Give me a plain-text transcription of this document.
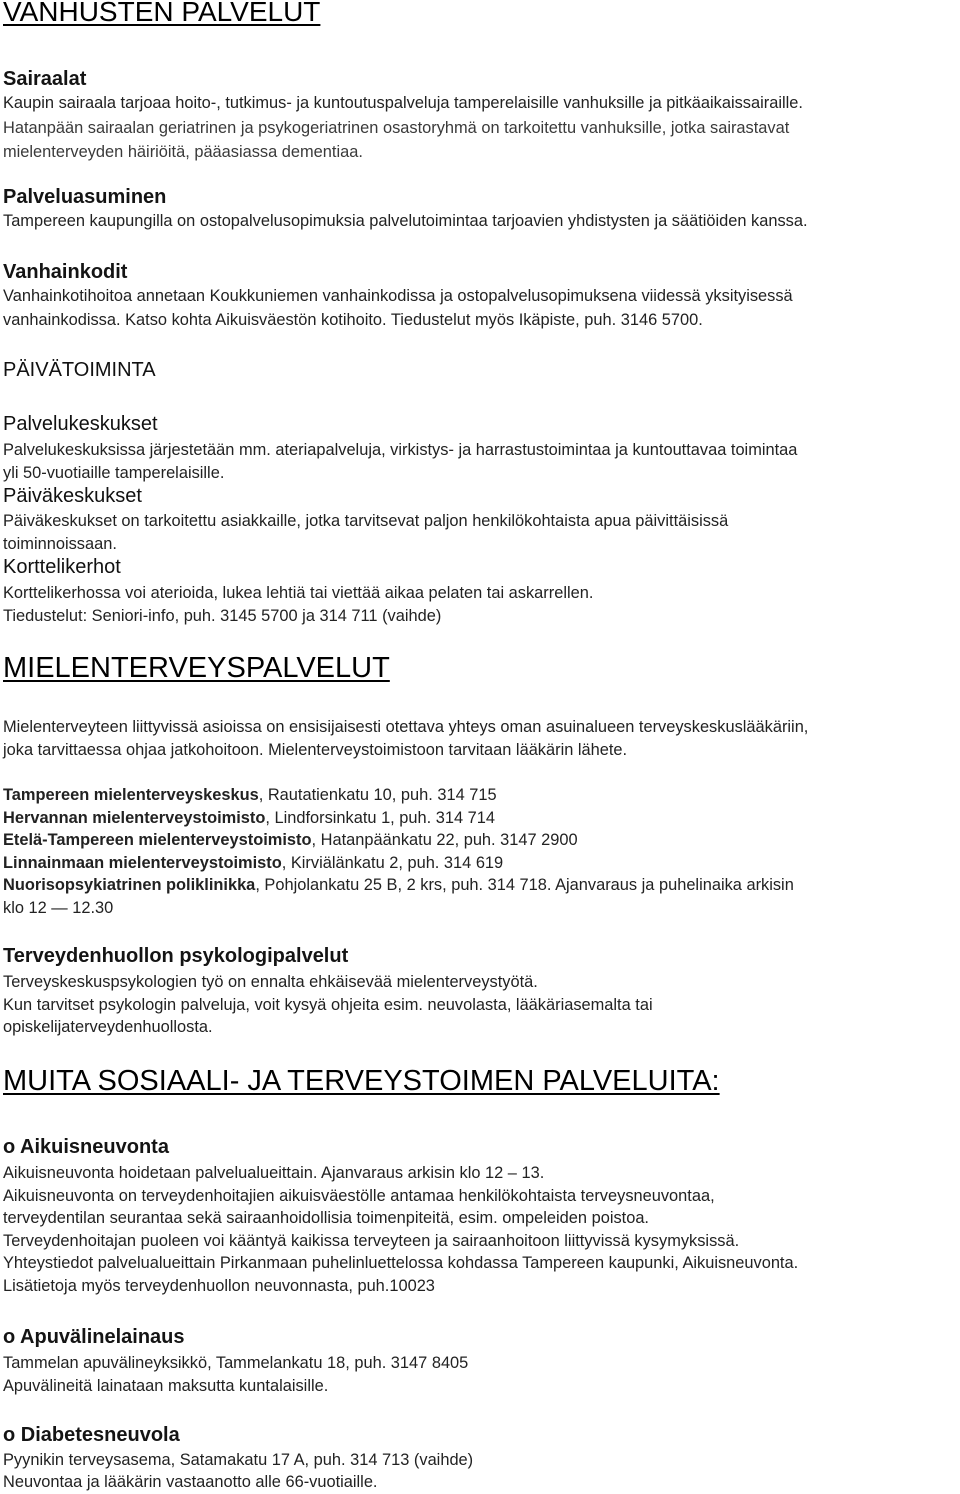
VANHUSTEN PALVELUT
Sairaalat
Kaupin sairaala tarjoaa hoito-, tutkimus- ja kuntoutuspalveluja tamperelaisille vanhuksille ja pitkäaikaissairaille.
Hatanpään sairaalan geriatrinen ja psykogeriatrinen osastoryhmä on tarkoitettu vanhuksille, jotka sairastavat
mielenterveyden häiriöitä, pääasiassa dementiaa.
Palveluasuminen
Tampereen kaupungilla on ostopalvelusopimuksia palvelutoimintaa tarjoavien yhdistysten ja säätiöiden kanssa.
Vanhainkodit
Vanhainkotihoitoa annetaan Koukkuniemen vanhainkodissa ja ostopalvelusopimuksena viidessä yksityisessä
vanhainkodissa. Katso kohta Aikuisväestön kotihoito. Tiedustelut myös Ikäpiste, puh. 3146 5700.
PÄIVÄTOIMINTA
Palvelukeskukset
Palvelukeskuksissa järjestetään mm. ateriapalveluja, virkistys- ja harrastustoimintaa ja kuntouttavaa toimintaa
yli 50-vuotiaille tamperelaisille.
Päiväkeskukset
Päiväkeskukset on tarkoitettu asiakkaille, jotka tarvitsevat paljon henkilökohtaista apua päivittäisissä
toiminnoissaan.
Korttelikerhot
Korttelikerhossa voi aterioida, lukea lehtiä tai viettää aikaa pelaten tai askarrellen.
Tiedustelut: Seniori-info, puh. 3145 5700 ja 314 711 (vaihde)
MIELENTERVEYSPALVELUT
Mielenterveyteen liittyvissä asioissa on ensisijaisesti otettava yhteys oman asuinalueen terveyskeskuslääkäriin,
joka tarvittaessa ohjaa jatkohoitoon. Mielenterveystoimistoon tarvitaan lääkärin lähete.
Tampereen mielenterveyskeskus, Rautatienkatu 10, puh. 314 715
Hervannan mielenterveystoimisto, Lindforsinkatu 1, puh. 314 714
Etelä-Tampereen mielenterveystoimisto, Hatanpäänkatu 22, puh. 3147 2900
Linnainmaan mielenterveystoimisto, Kirviälänkatu 2, puh. 314 619
Nuorisopsykiatrinen poliklinikka, Pohjolankatu 25 B, 2 krs, puh. 314 718. Ajanvaraus ja puhelinaika arkisin
klo 12 — 12.30
Terveydenhuollon psykologipalvelut
Terveyskeskuspsykologien työ on ennalta ehkäisevää mielenterveystyötä.
Kun tarvitset psykologin palveluja, voit kysyä ohjeita esim. neuvolasta, lääkäriasemalta tai
opiskelijaterveydenhuollosta.
MUITA SOSIAALI- JA TERVEYSTOIMEN PALVELUITA:
o Aikuisneuvonta
Aikuisneuvonta hoidetaan palvelualueittain. Ajanvaraus arkisin klo 12 – 13.
Aikuisneuvonta on terveydenhoitajien aikuisväestölle antamaa henkilökohtaista terveysneuvontaa,
terveydentilan seurantaa sekä sairaanhoidollisia toimenpiteitä, esim. ompeleiden poistoa.
Terveydenhoitajan puoleen voi kääntyä kaikissa terveyteen ja sairaanhoitoon liittyvissä kysymyksissä.
Yhteystiedot palvelualueittain Pirkanmaan puhelinluettelossa kohdassa Tampereen kaupunki, Aikuisneuvonta.
Lisätietoja myös terveydenhuollon neuvonnasta, puh.10023
o Apuvälinelainaus
Tammelan apuvälineyksikkö, Tammelankatu 18, puh. 3147 8405
Apuvälineitä lainataan maksutta kuntalaisille.
o Diabetesneuvola
Pyynikin terveysasema, Satamakatu 17 A, puh. 314 713 (vaihde)
Neuvontaa ja lääkärin vastaanotto alle 66-vuotiaille.
